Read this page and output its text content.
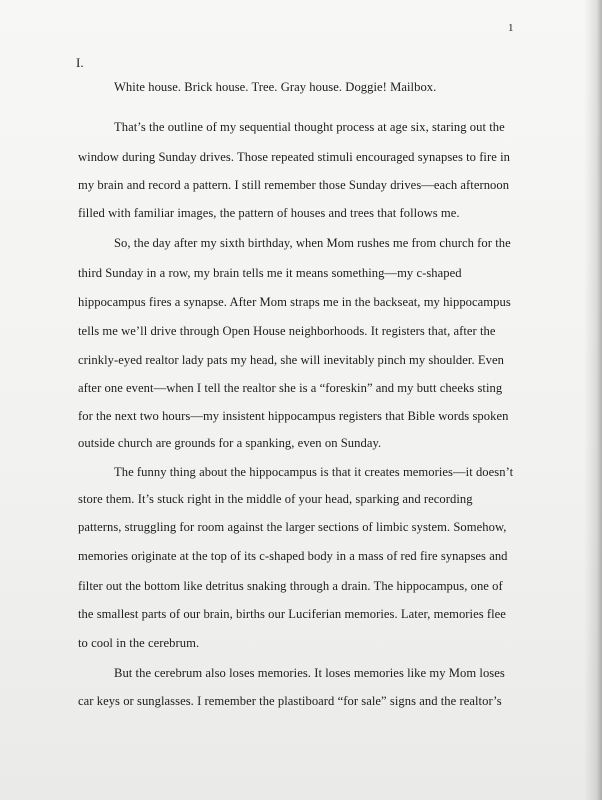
1
I.
White house. Brick house. Tree. Gray house. Doggie! Mailbox.
That’s the outline of my sequential thought process at age six, staring out the
window during Sunday drives. Those repeated stimuli encouraged synapses to fire in
my brain and record a pattern. I still remember those Sunday drives—each afternoon
filled with familiar images, the pattern of houses and trees that follows me.
So, the day after my sixth birthday, when Mom rushes me from church for the
third Sunday in a row, my brain tells me it means something—my c-shaped
hippocampus fires a synapse. After Mom straps me in the backseat, my hippocampus
tells me we’ll drive through Open House neighborhoods. It registers that, after the
crinkly-eyed realtor lady pats my head, she will inevitably pinch my shoulder. Even
after one event—when I tell the realtor she is a “foreskin” and my butt cheeks sting
for the next two hours—my insistent hippocampus registers that Bible words spoken
outside church are grounds for a spanking, even on Sunday.
The funny thing about the hippocampus is that it creates memories—it doesn’t
store them. It’s stuck right in the middle of your head, sparking and recording
patterns, struggling for room against the larger sections of limbic system. Somehow,
memories originate at the top of its c-shaped body in a mass of red fire synapses and
filter out the bottom like detritus snaking through a drain. The hippocampus, one of
the smallest parts of our brain, births our Luciferian memories. Later, memories flee
to cool in the cerebrum.
But the cerebrum also loses memories. It loses memories like my Mom loses
car keys or sunglasses. I remember the plastiboard “for sale” signs and the realtor’s
